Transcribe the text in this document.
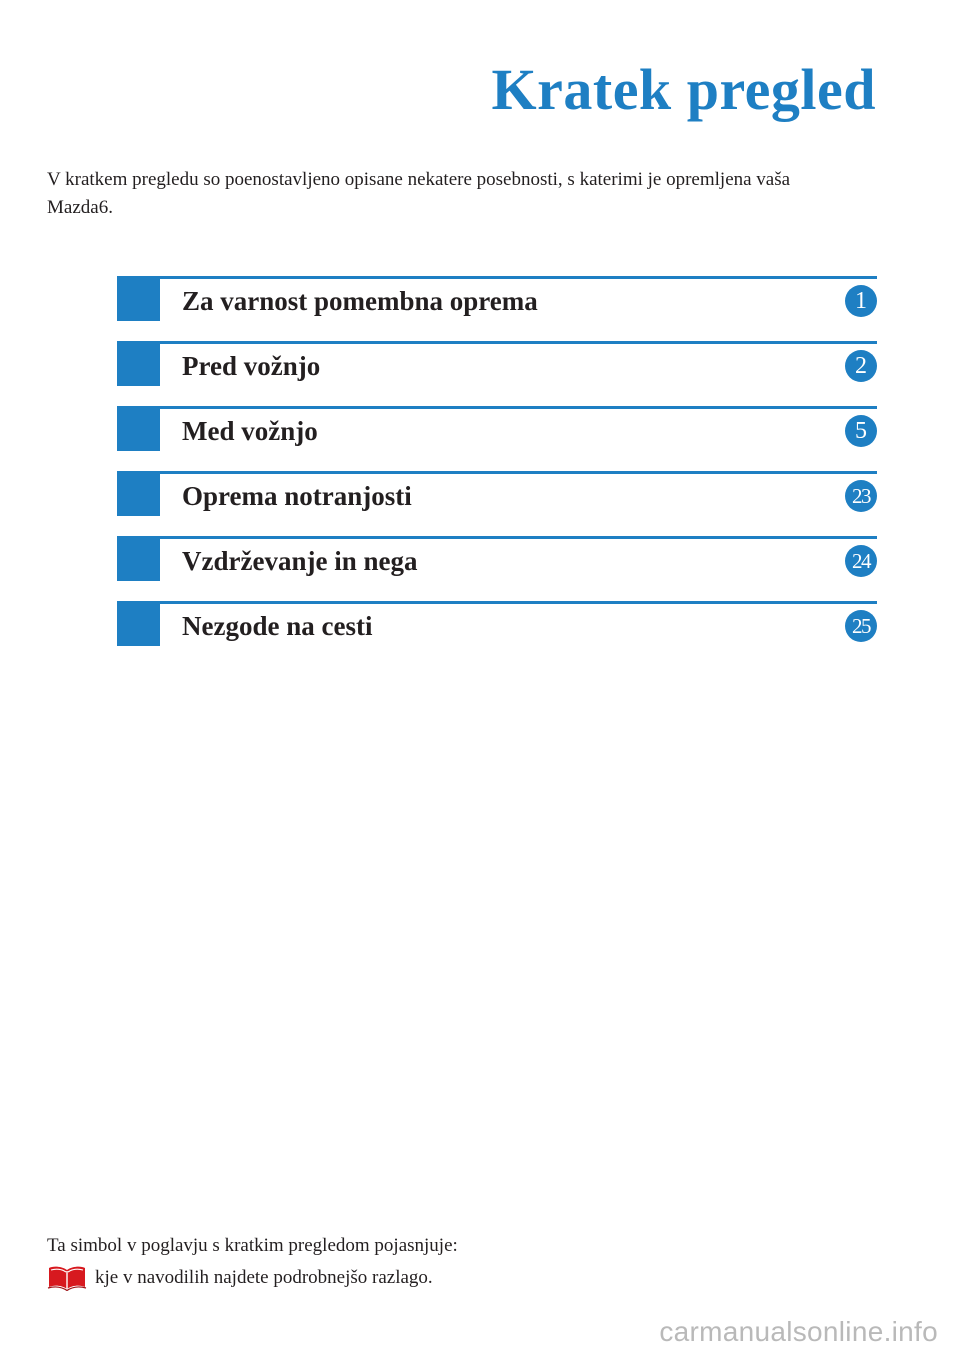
Kratek pregled

V kratkem pregledu so poenostavljeno opisane nekatere posebnosti, s katerimi je opremljena vaša Mazda6.

Za varnost pomembna oprema	1
Pred vožnjo	2
Med vožnjo	5
Oprema notranjosti	23
Vzdrževanje in nega	24
Nezgode na cesti	25

Ta simbol v poglavju s kratkim pregledom pojasnjuje:

kje v navodilih najdete podrobnejšo razlago.
carmanualsonline.info
